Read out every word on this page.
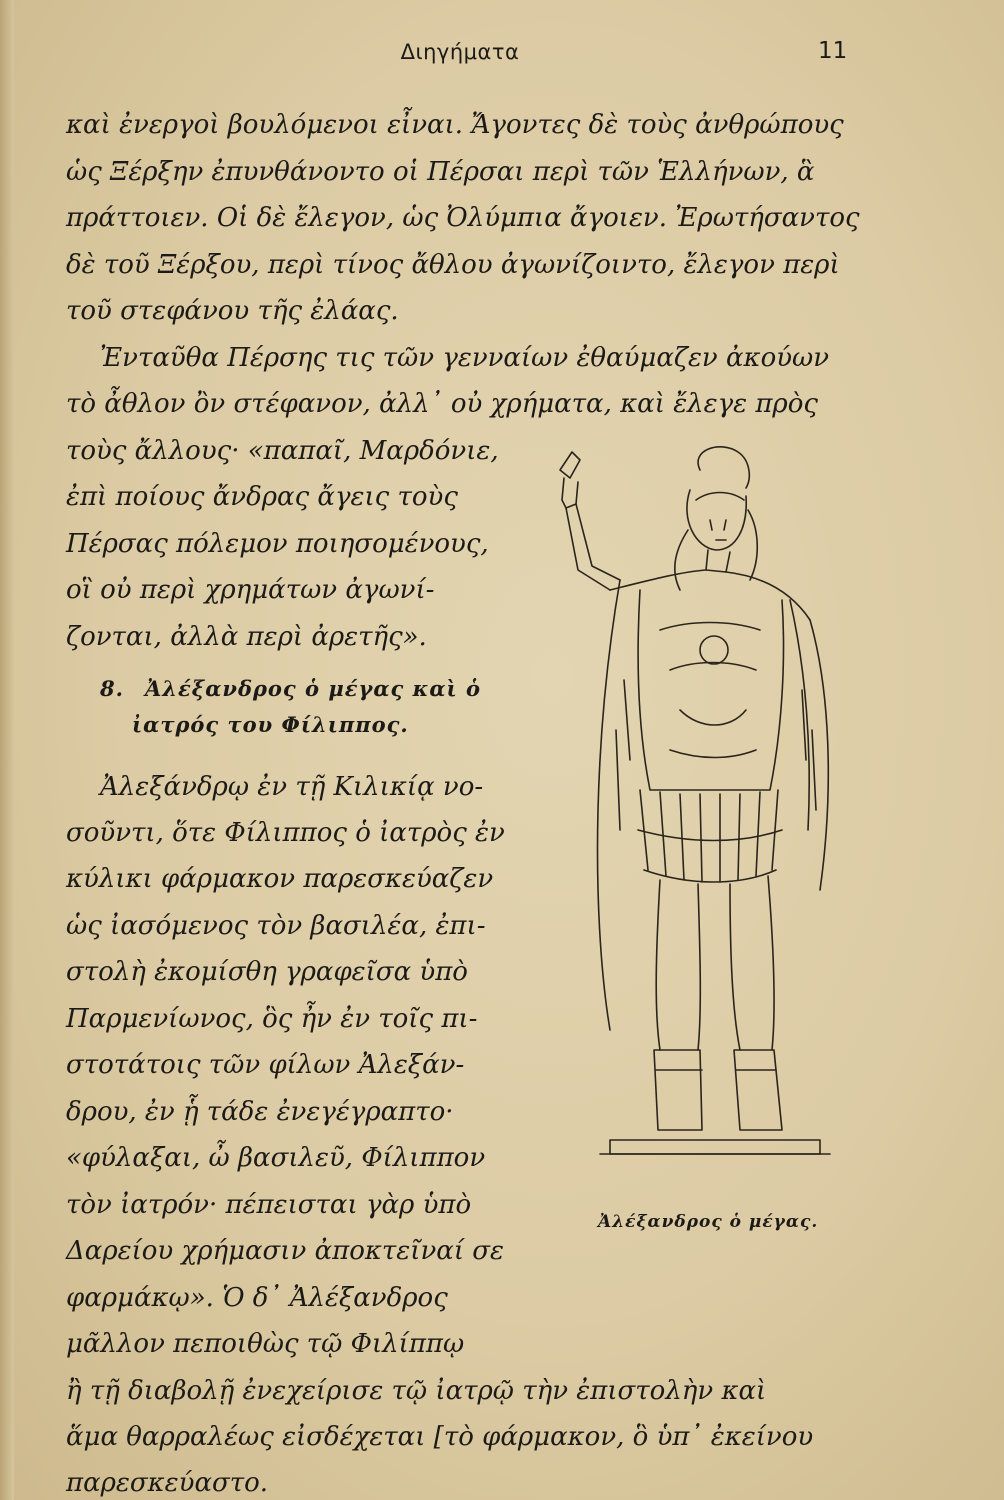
Διηγήματα	11
καὶ ἐνεργοὶ βουλόμενοι εἶναι. Ἄγοντες δὲ τοὺς ἀνθρώπους
ὡς Ξέρξην ἐπυνθάνοντο οἱ Πέρσαι περὶ τῶν Ἑλλήνων, ἃ
πράττοιεν. Οἱ δὲ ἔλεγον, ὡς Ὀλύμπια ἄγοιεν. Ἐρωτήσαντος
δὲ τοῦ Ξέρξου, περὶ τίνος ἄθλου ἀγωνίζοιντο, ἔλεγον περὶ
τοῦ στεφάνου τῆς ἐλάας.
Ἐνταῦθα Πέρσης τις τῶν γενναίων ἐθαύμαζεν ἀκούων
τὸ ἆθλον ὂν στέφανον, ἀλλ᾿ οὐ χρήματα, καὶ ἔλεγε πρὸς
τοὺς ἄλλους· «παπαῖ, Μαρδόνιε,
ἐπὶ ποίους ἄνδρας ἄγεις τοὺς
Πέρσας πόλεμον ποιησομένους,
οἳ οὐ περὶ χρημάτων ἀγωνί-
ζονται, ἀλλὰ περὶ ἀρετῆς».
8. Ἀλέξανδρος ὁ μέγας καὶ ὁ
ἰατρός του Φίλιππος.
Ἀλεξάνδρῳ ἐν τῇ Κιλικίᾳ νο-
σοῦντι, ὅτε Φίλιππος ὁ ἰατρὸς ἐν
κύλικι φάρμακον παρεσκεύαζεν
ὡς ἰασόμενος τὸν βασιλέα, ἐπι-
στολὴ ἐκομίσθη γραφεῖσα ὑπὸ
Παρμενίωνος, ὃς ἦν ἐν τοῖς πι-
στοτάτοις τῶν φίλων Ἀλεξάν-
δρου, ἐν ᾗ τάδε ἐνεγέγραπτο·
«φύλαξαι, ὦ βασιλεῦ, Φίλιππον
τὸν ἰατρόν· πέπεισται γὰρ ὑπὸ
Δαρείου χρήμασιν ἀποκτεῖναί σε
φαρμάκῳ». Ὁ δ᾿ Ἀλέξανδρος
μᾶλλον πεποιθὼς τῷ Φιλίππῳ
ἢ τῇ διαβολῇ ἐνεχείρισε τῷ ἰατρῷ τὴν ἐπιστολὴν καὶ
ἅμα θαρραλέως εἰσδέχεται [τὸ φάρμακον, ὃ ὑπ᾿ ἐκείνου
παρεσκεύαστο.
Ἀλέξανδρος ὁ μέγας.
